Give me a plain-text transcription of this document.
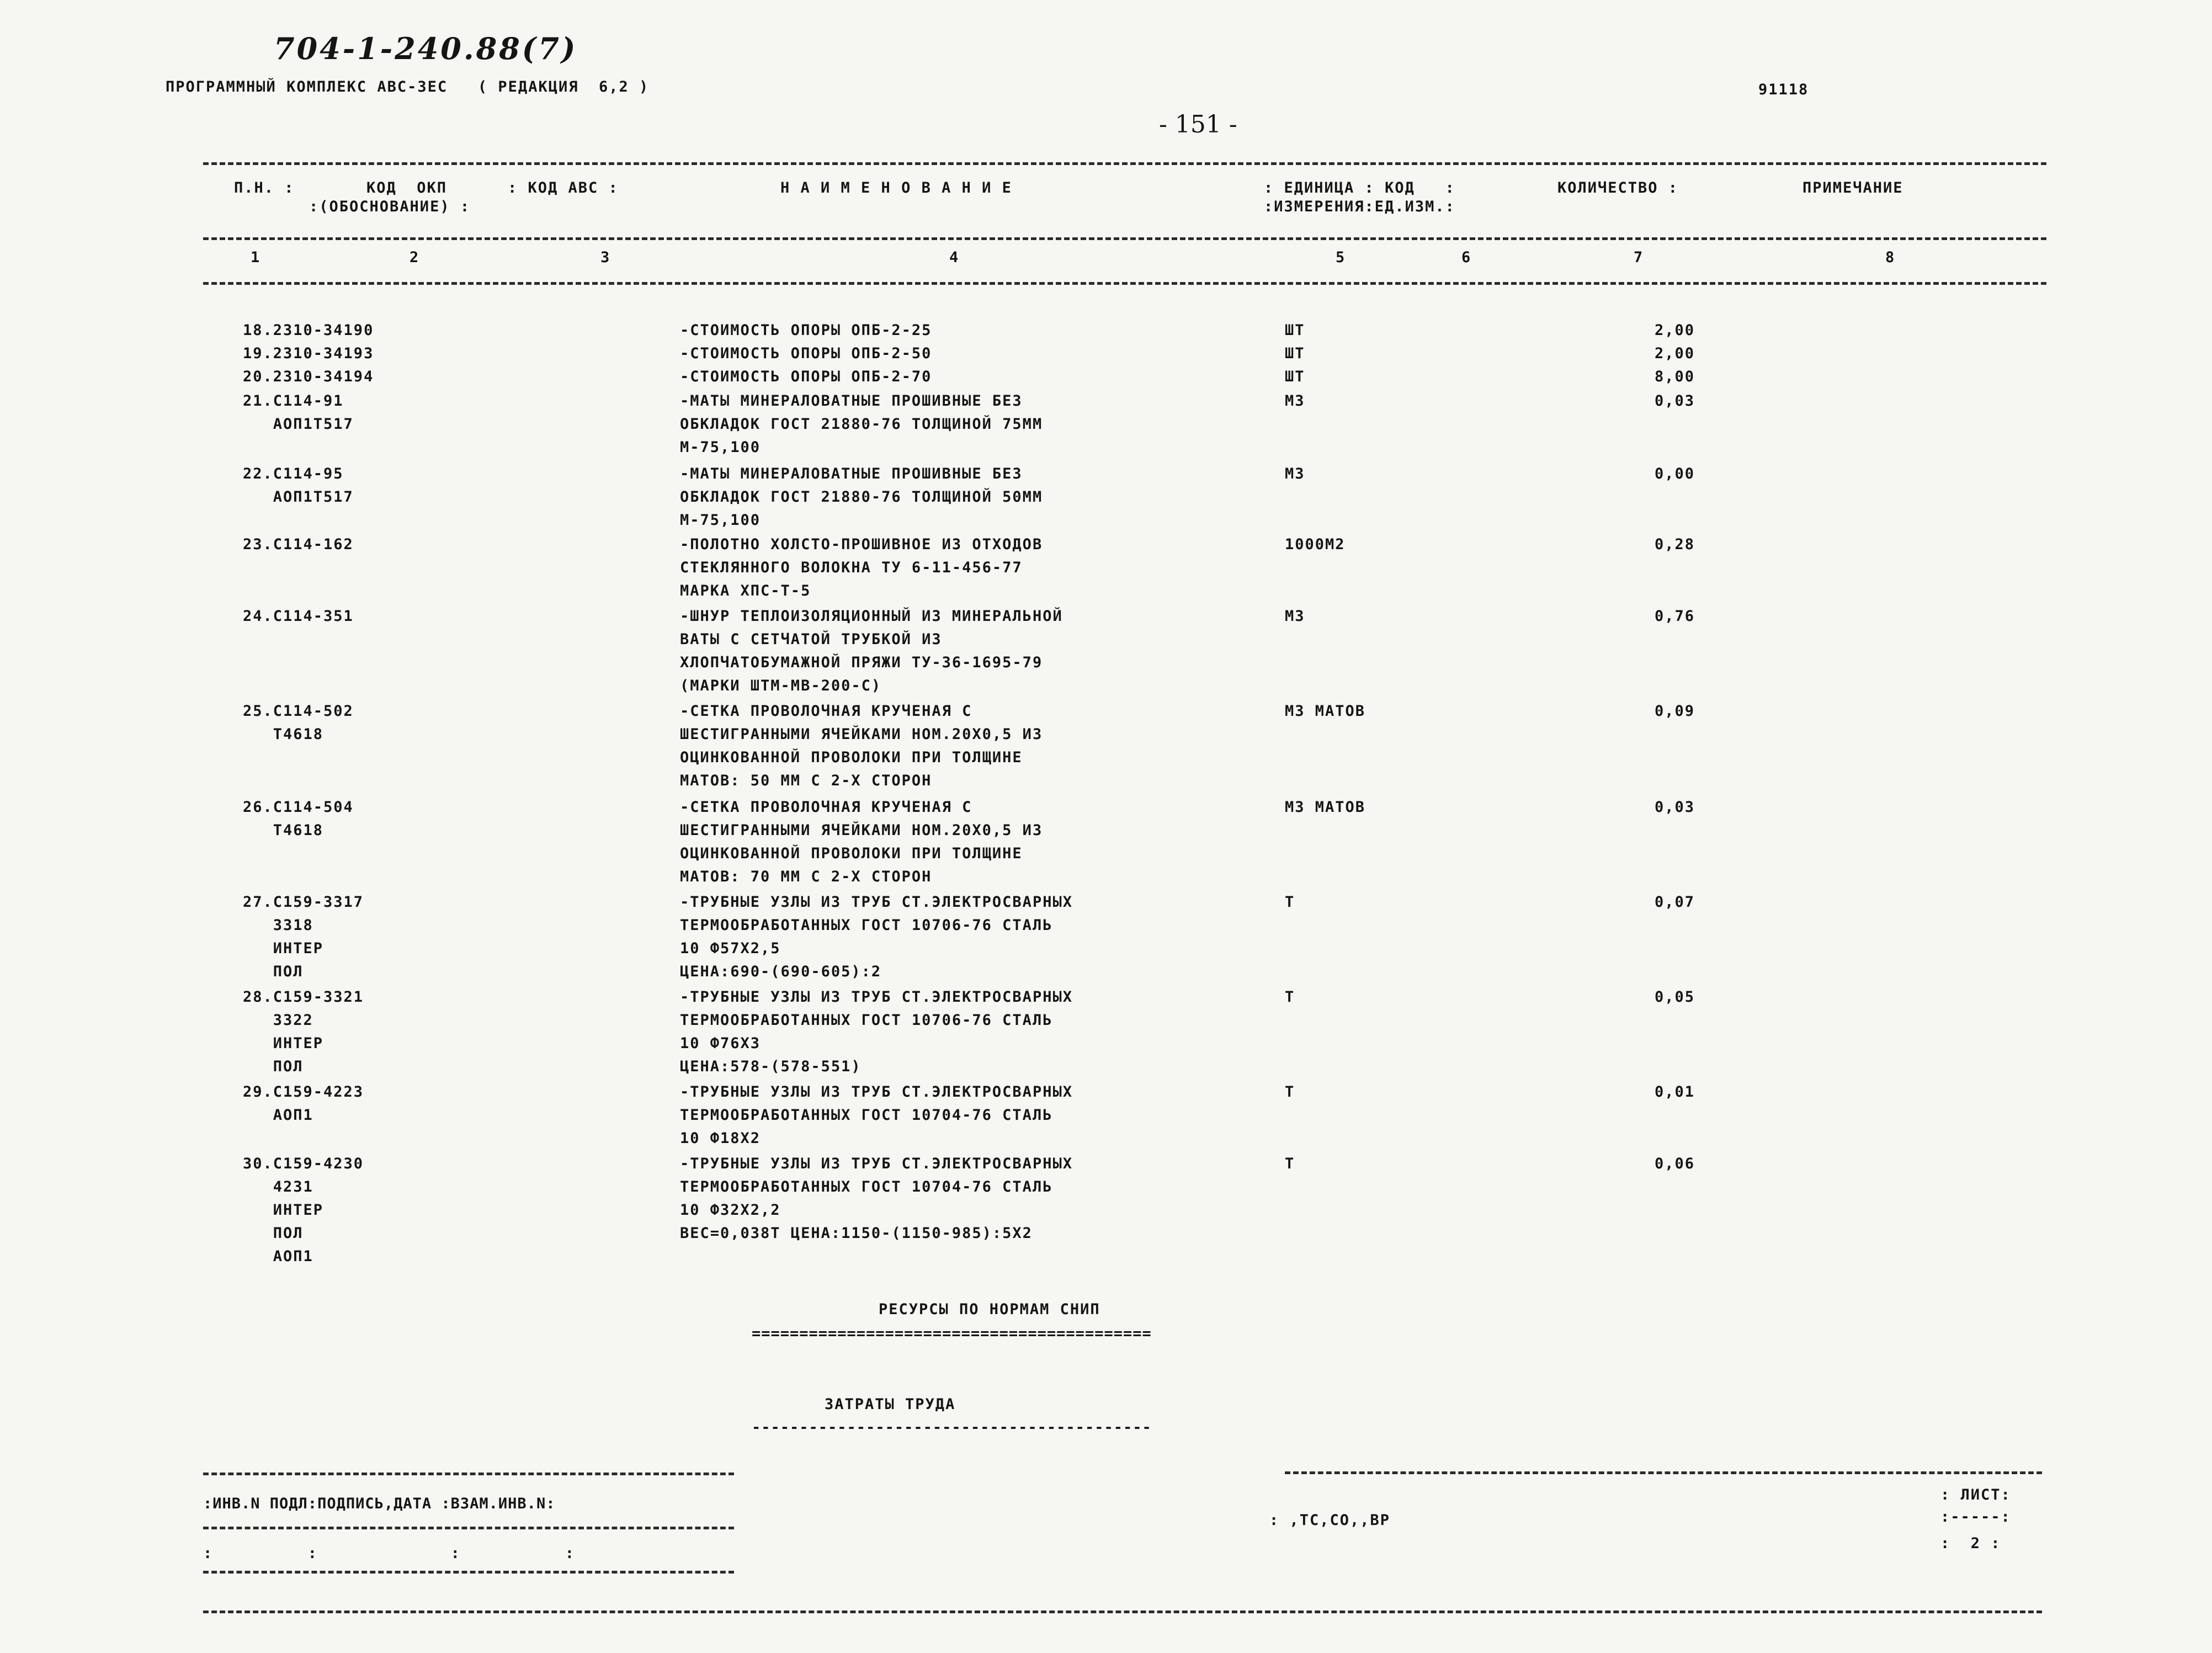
704-1-240.88(7)
ПРОГРАММНЫЙ КОМПЛЕКС АВС-ЗЕС   ( РЕДАКЦИЯ  6,2 )	91118
- 151 -
П.Н. :	КОД  ОКП
:(ОБОСНОВАНИЕ) :
: КОД АВС :	Н А И М Е Н О В А Н И Е	: ЕДИНИЦА : КОД   :
:ИЗМЕРЕНИЯ:ЕД.ИЗМ.:
КОЛИЧЕСТВО :	ПРИМЕЧАНИЕ
1	2	3	4	5	6	7	8
18.2310-34190	-СТОИМОСТЬ ОПОРЫ ОПБ-2-25	ШТ	2,00
19.2310-34193	-СТОИМОСТЬ ОПОРЫ ОПБ-2-50	ШТ	2,00
20.2310-34194	-СТОИМОСТЬ ОПОРЫ ОПБ-2-70	ШТ	8,00
21.С114-91
АОП1Т517
-МАТЫ МИНЕРАЛОВАТНЫЕ ПРОШИВНЫЕ БЕЗ
ОБКЛАДОК ГОСТ 21880-76 ТОЛЩИНОЙ 75ММ
М-75,100
М3	0,03
22.С114-95
АОП1Т517
-МАТЫ МИНЕРАЛОВАТНЫЕ ПРОШИВНЫЕ БЕЗ
ОБКЛАДОК ГОСТ 21880-76 ТОЛЩИНОЙ 50ММ
М-75,100
М3	0,00
23.С114-162	-ПОЛОТНО ХОЛСТО-ПРОШИВНОЕ ИЗ ОТХОДОВ
СТЕКЛЯННОГО ВОЛОКНА ТУ 6-11-456-77
МАРКА ХПС-Т-5
1000М2	0,28
24.С114-351	-ШНУР ТЕПЛОИЗОЛЯЦИОННЫЙ ИЗ МИНЕРАЛЬНОЙ
ВАТЫ С СЕТЧАТОЙ ТРУБКОЙ ИЗ
ХЛОПЧАТОБУМАЖНОЙ ПРЯЖИ ТУ-36-1695-79
(МАРКИ ШТМ-МВ-200-С)
М3	0,76
25.С114-502
Т4618
-СЕТКА ПРОВОЛОЧНАЯ КРУЧЕНАЯ С
ШЕСТИГРАННЫМИ ЯЧЕЙКАМИ НОМ.20Х0,5 ИЗ
ОЦИНКОВАННОЙ ПРОВОЛОКИ ПРИ ТОЛЩИНЕ
МАТОВ: 50 ММ С 2-Х СТОРОН
М3 МАТОВ	0,09
26.С114-504
Т4618
-СЕТКА ПРОВОЛОЧНАЯ КРУЧЕНАЯ С
ШЕСТИГРАННЫМИ ЯЧЕЙКАМИ НОМ.20Х0,5 ИЗ
ОЦИНКОВАННОЙ ПРОВОЛОКИ ПРИ ТОЛЩИНЕ
МАТОВ: 70 ММ С 2-Х СТОРОН
М3 МАТОВ	0,03
27.С159-3317
3318
ИНТЕР
ПОЛ
-ТРУБНЫЕ УЗЛЫ ИЗ ТРУБ СТ.ЭЛЕКТРОСВАРНЫХ
ТЕРМООБРАБОТАННЫХ ГОСТ 10706-76 СТАЛЬ
10 Ф57Х2,5
ЦЕНА:690-(690-605):2
Т	0,07
28.С159-3321
3322
ИНТЕР
ПОЛ
-ТРУБНЫЕ УЗЛЫ ИЗ ТРУБ СТ.ЭЛЕКТРОСВАРНЫХ
ТЕРМООБРАБОТАННЫХ ГОСТ 10706-76 СТАЛЬ
10 Ф76Х3
ЦЕНА:578-(578-551)
Т	0,05
29.С159-4223
АОП1
-ТРУБНЫЕ УЗЛЫ ИЗ ТРУБ СТ.ЭЛЕКТРОСВАРНЫХ
ТЕРМООБРАБОТАННЫХ ГОСТ 10704-76 СТАЛЬ
10 Ф18Х2
Т	0,01
30.С159-4230
4231
ИНТЕР
ПОЛ
АОП1
-ТРУБНЫЕ УЗЛЫ ИЗ ТРУБ СТ.ЭЛЕКТРОСВАРНЫХ
ТЕРМООБРАБОТАННЫХ ГОСТ 10704-76 СТАЛЬ
10 Ф32Х2,2
ВЕС=0,038Т ЦЕНА:1150-(1150-985):5Х2
Т	0,06
РЕСУРСЫ ПО НОРМАМ СНИП
==========================================
ЗАТРАТЫ ТРУДА
------------------------------------------
:ИНВ.N ПОДЛ:ПОДПИСЬ,ДАТА :ВЗАМ.ИНВ.N:
:          :              :           :
: ,ТС,СО,,ВР
: ЛИСТ:
:-----:
:  2 :
